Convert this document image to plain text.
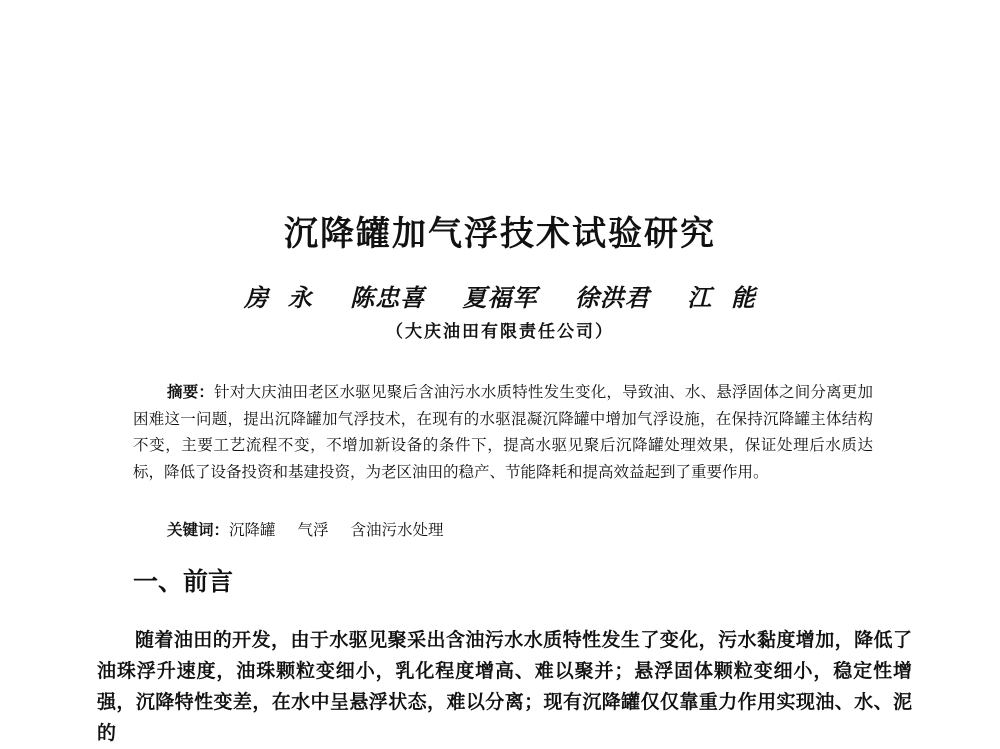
沉降罐加气浮技术试验研究
房  永 陈忠喜 夏福军 徐洪君 江  能
（大庆油田有限责任公司）

摘要：针对大庆油田老区水驱见聚后含油污水水质特性发生变化，导致油、水、悬浮固体之间分离更加困难这一问题，提出沉降罐加气浮技术，在现有的水驱混凝沉降罐中增加气浮设施，在保持沉降罐主体结构不变，主要工艺流程不变，不增加新设备的条件下，提高水驱见聚后沉降罐处理效果，保证处理后水质达标，降低了设备投资和基建投资，为老区油田的稳产、节能降耗和提高效益起到了重要作用。

关键词：沉降罐 气浮 含油污水处理
一、前言

随着油田的开发，由于水驱见聚采出含油污水水质特性发生了变化，污水黏度增加，降低了油珠浮升速度，油珠颗粒变细小，乳化程度增高、难以聚并；悬浮固体颗粒变细小，稳定性增强，沉降特性变差，在水中呈悬浮状态，难以分离；现有沉降罐仅仅靠重力作用实现油、水、泥的
